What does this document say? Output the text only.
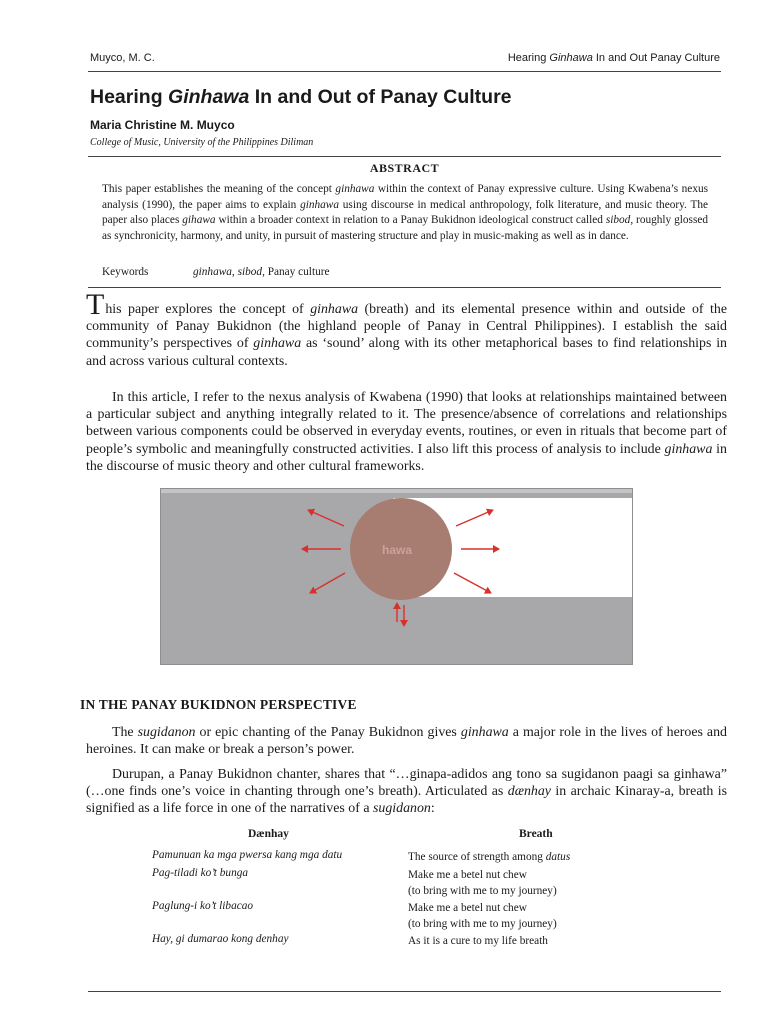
Muyco, M. C.	Hearing Ginhawa In and Out Panay Culture
Hearing Ginhawa In and Out of Panay Culture
Maria Christine M. Muyco
College of Music, University of the Philippines Diliman
ABSTRACT
This paper establishes the meaning of the concept ginhawa within the context of Panay expressive culture. Using Kwabena’s nexus analysis (1990), the paper aims to explain ginhawa using discourse in medical anthropology, folk literature, and music theory. The paper also places gihawa within a broader context in relation to a Panay Bukidnon ideological construct called sibod, roughly glossed as synchronicity, harmony, and unity, in pursuit of mastering structure and play in music-making as well as in dance.
Keywords	ginhawa, sibod, Panay culture
This paper explores the concept of ginhawa (breath) and its elemental presence within and outside of the community of Panay Bukidnon (the highland people of Panay in Central Philippines). I establish the said community’s perspectives of ginhawa as ‘sound’ along with its other metaphorical bases to find relationships in and across various cultural contexts.
In this article, I refer to the nexus analysis of Kwabena (1990) that looks at relationships maintained between a particular subject and anything integrally related to it. The presence/absence of correlations and relationships between various components could be observed in everyday events, routines, or even in rituals that become part of people’s symbolic and meaningfully constructed activities. I also lift this process of analysis to include ginhawa in the discourse of music theory and other cultural frameworks.
hawa
IN THE PANAY BUKIDNON PERSPECTIVE
The sugidanon or epic chanting of the Panay Bukidnon gives ginhawa a major role in the lives of heroes and heroines. It can make or break a person’s power.
Durupan, a Panay Bukidnon chanter, shares that “…ginapa-adidos ang tono sa sugidanon paagi sa ginhawa” (…one finds one’s voice in chanting through one’s breath). Articulated as dænhay in archaic Kinaray-a, breath is signified as a life force in one of the narratives of a sugidanon:
Dænhay	Breath
Pamunuan ka mga pwersa kang mga datu	The source of strength among datus
Pag-tiladi ko’t bunga	Make me a betel nut chew
(to bring with me to my journey)
Paglung-i ko’t libacao	Make me a betel nut chew
(to bring with me to my journey)
Hay, gi dumarao kong denhay	As it is a cure to my life breath
